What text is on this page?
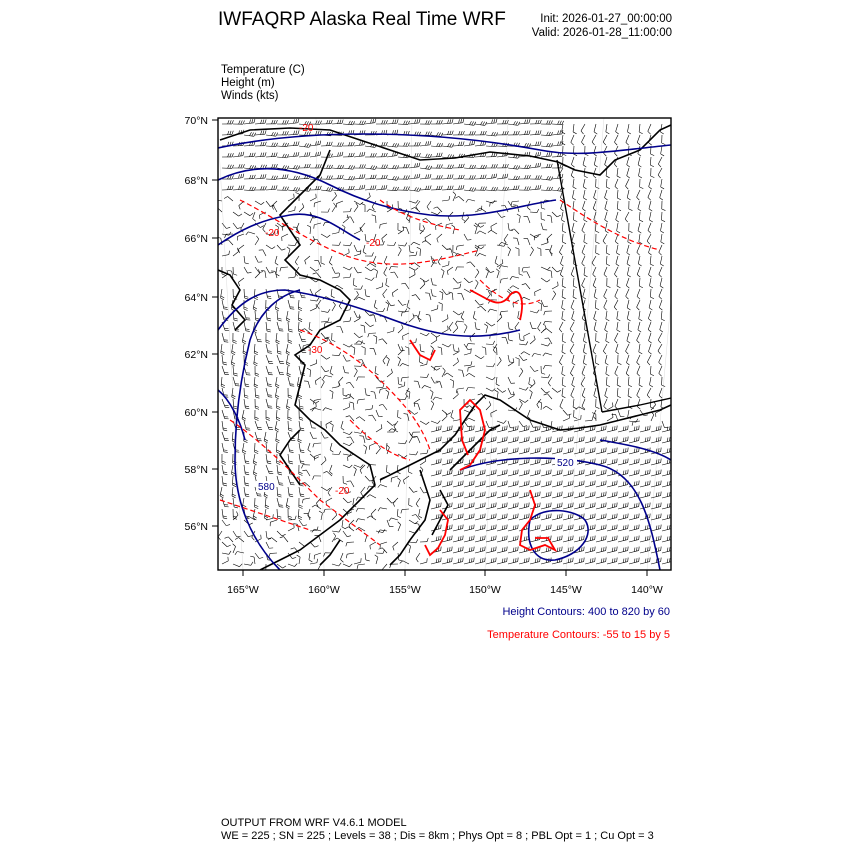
IWFAQRP Alaska Real Time WRF	Init: 2026-01-27_00:00:00
Valid: 2026-01-28_11:00:00
Temperature (C)
Height (m)
Winds (kts)
70°N
68°N
66°N
64°N
62°N
60°N
58°N
56°N
165°W	160°W	155°W	150°W	145°W	140°W
580
520
-20
-20
-20
-30
-20
Height Contours: 400 to 820 by 60
Temperature Contours: -55 to 15 by 5
OUTPUT FROM WRF V4.6.1 MODEL
WE = 225 ; SN = 225 ; Levels = 38 ; Dis = 8km ; Phys Opt = 8 ; PBL Opt = 1 ; Cu Opt = 3
